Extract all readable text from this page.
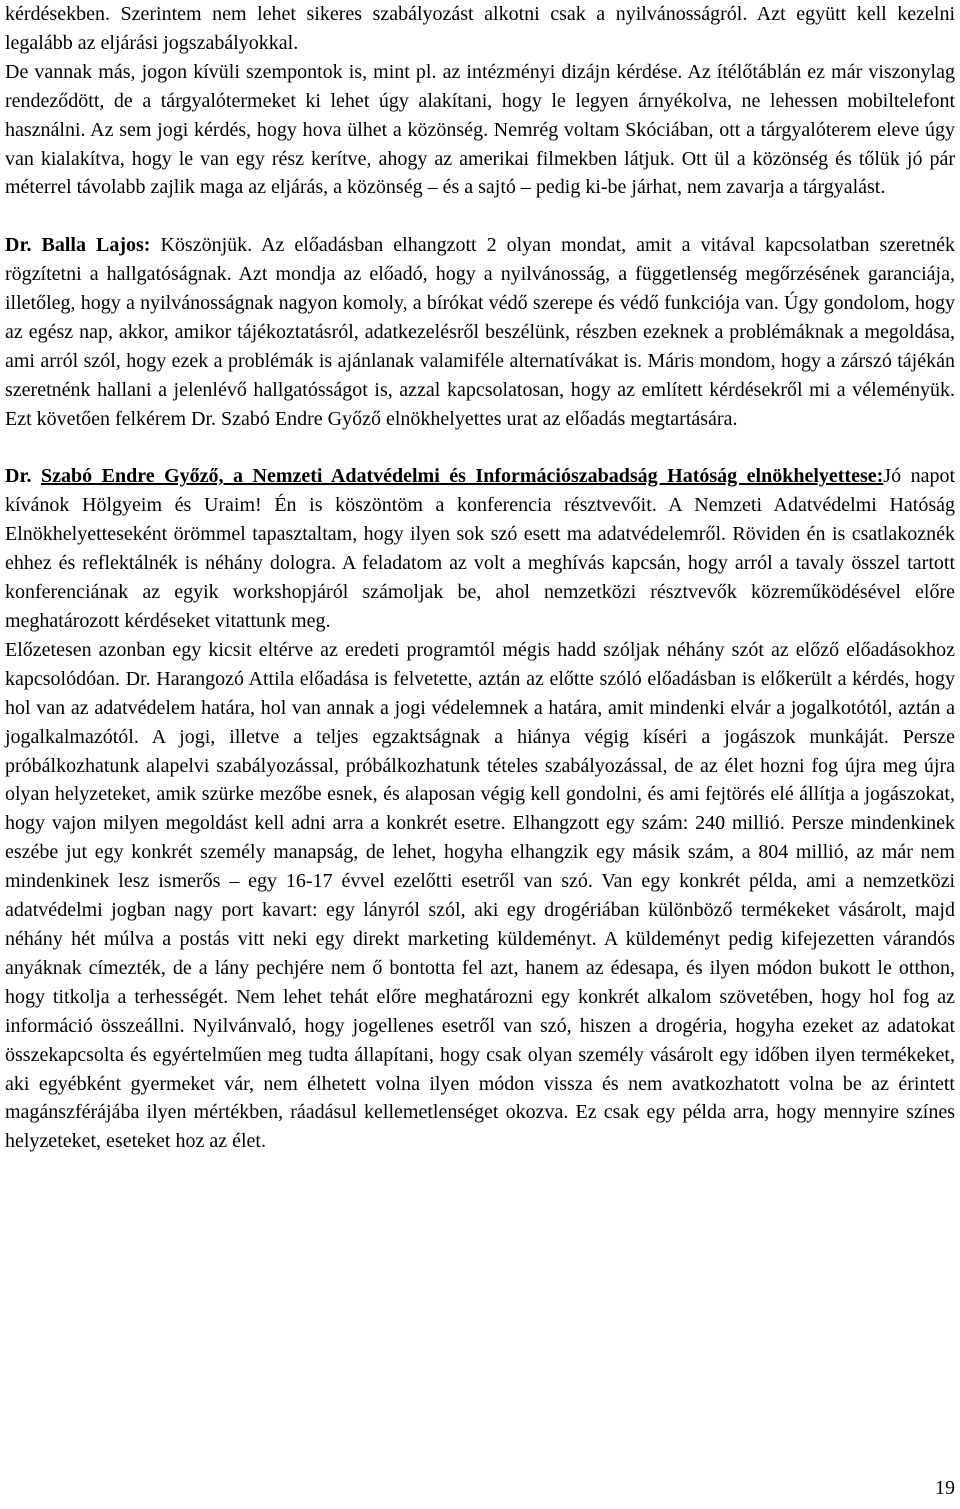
kérdésekben. Szerintem nem lehet sikeres szabályozást alkotni csak a nyilvánosságról. Azt együtt kell kezelni legalább az eljárási jogszabályokkal.

De vannak más, jogon kívüli szempontok is, mint pl. az intézményi dizájn kérdése. Az ítélőtáblán ez már viszonylag rendeződött, de a tárgyalótermeket ki lehet úgy alakítani, hogy le legyen árnyékolva, ne lehessen mobiltelefont használni. Az sem jogi kérdés, hogy hova ülhet a közönség. Nemrég voltam Skóciában, ott a tárgyalóterem eleve úgy van kialakítva, hogy le van egy rész kerítve, ahogy az amerikai filmekben látjuk. Ott ül a közönség és tőlük jó pár méterrel távolabb zajlik maga az eljárás, a közönség – és a sajtó – pedig ki-be járhat, nem zavarja a tárgyalást.

Dr. Balla Lajos: Köszönjük. Az előadásban elhangzott 2 olyan mondat, amit a vitával kapcsolatban szeretnék rögzítetni a hallgatóságnak. Azt mondja az előadó, hogy a nyilvánosság, a függetlenség megőrzésének garanciája, illetőleg, hogy a nyilvánosságnak nagyon komoly, a bírókat védő szerepe és védő funkciója van. Úgy gondolom, hogy az egész nap, akkor, amikor tájékoztatásról, adatkezelésről beszélünk, részben ezeknek a problémáknak a megoldása, ami arról szól, hogy ezek a problémák is ajánlanak valamiféle alternatívákat is. Máris mondom, hogy a zárszó tájékán szeretnénk hallani a jelenlévő hallgatósságot is, azzal kapcsolatosan, hogy az említett kérdésekről mi a véleményük. Ezt követően felkérem Dr. Szabó Endre Győző elnökhelyettes urat az előadás megtartására.

Dr. Szabó Endre Győző, a Nemzeti Adatvédelmi és Információszabadság Hatóság elnökhelyettese:Jó napot kívánok Hölgyeim és Uraim! Én is köszöntöm a konferencia résztvevőit. A Nemzeti Adatvédelmi Hatóság Elnökhelyetteseként örömmel tapasztaltam, hogy ilyen sok szó esett ma adatvédelemről. Röviden én is csatlakoznék ehhez és reflektálnék is néhány dologra. A feladatom az volt a meghívás kapcsán, hogy arról a tavaly összel tartott konferenciának az egyik workshopjáról számoljak be, ahol nemzetközi résztvevők közreműködésével előre meghatározott kérdéseket vitattunk meg.

Előzetesen azonban egy kicsit eltérve az eredeti programtól mégis hadd szóljak néhány szót az előző előadásokhoz kapcsolódóan. Dr. Harangozó Attila előadása is felvetette, aztán az előtte szóló előadásban is előkerült a kérdés, hogy hol van az adatvédelem határa, hol van annak a jogi védelemnek a határa, amit mindenki elvár a jogalkotótól, aztán a jogalkalmazótól. A jogi, illetve a teljes egzaktságnak a hiánya végig kíséri a jogászok munkáját. Persze próbálkozhatunk alapelvi szabályozással, próbálkozhatunk tételes szabályozással, de az élet hozni fog újra meg újra olyan helyzeteket, amik szürke mezőbe esnek, és alaposan végig kell gondolni, és ami fejtörés elé állítja a jogászokat, hogy vajon milyen megoldást kell adni arra a konkrét esetre. Elhangzott egy szám: 240 millió. Persze mindenkinek eszébe jut egy konkrét személy manapság, de lehet, hogyha elhangzik egy másik szám, a 804 millió, az már nem mindenkinek lesz ismerős – egy 16-17 évvel ezelőtti esetről van szó. Van egy konkrét példa, ami a nemzetközi adatvédelmi jogban nagy port kavart: egy lányról szól, aki egy drogériában különböző termékeket vásárolt, majd néhány hét múlva a postás vitt neki egy direkt marketing küldeményt. A küldeményt pedig kifejezetten várandós anyáknak címezték, de a lány pechjére nem ő bontotta fel azt, hanem az édesapa, és ilyen módon bukott le otthon, hogy titkolja a terhességét. Nem lehet tehát előre meghatározni egy konkrét alkalom szövetében, hogy hol fog az információ összeállni. Nyilvánvaló, hogy jogellenes esetről van szó, hiszen a drogéria, hogyha ezeket az adatokat összekapcsolta és egyértelműen meg tudta állapítani, hogy csak olyan személy vásárolt egy időben ilyen termékeket, aki egyébként gyermeket vár, nem élhetett volna ilyen módon vissza és nem avatkozhatott volna be az érintett magánszférájába ilyen mértékben, ráadásul kellemetlenséget okozva. Ez csak egy példa arra, hogy mennyire színes helyzeteket, eseteket hoz az élet.

19
